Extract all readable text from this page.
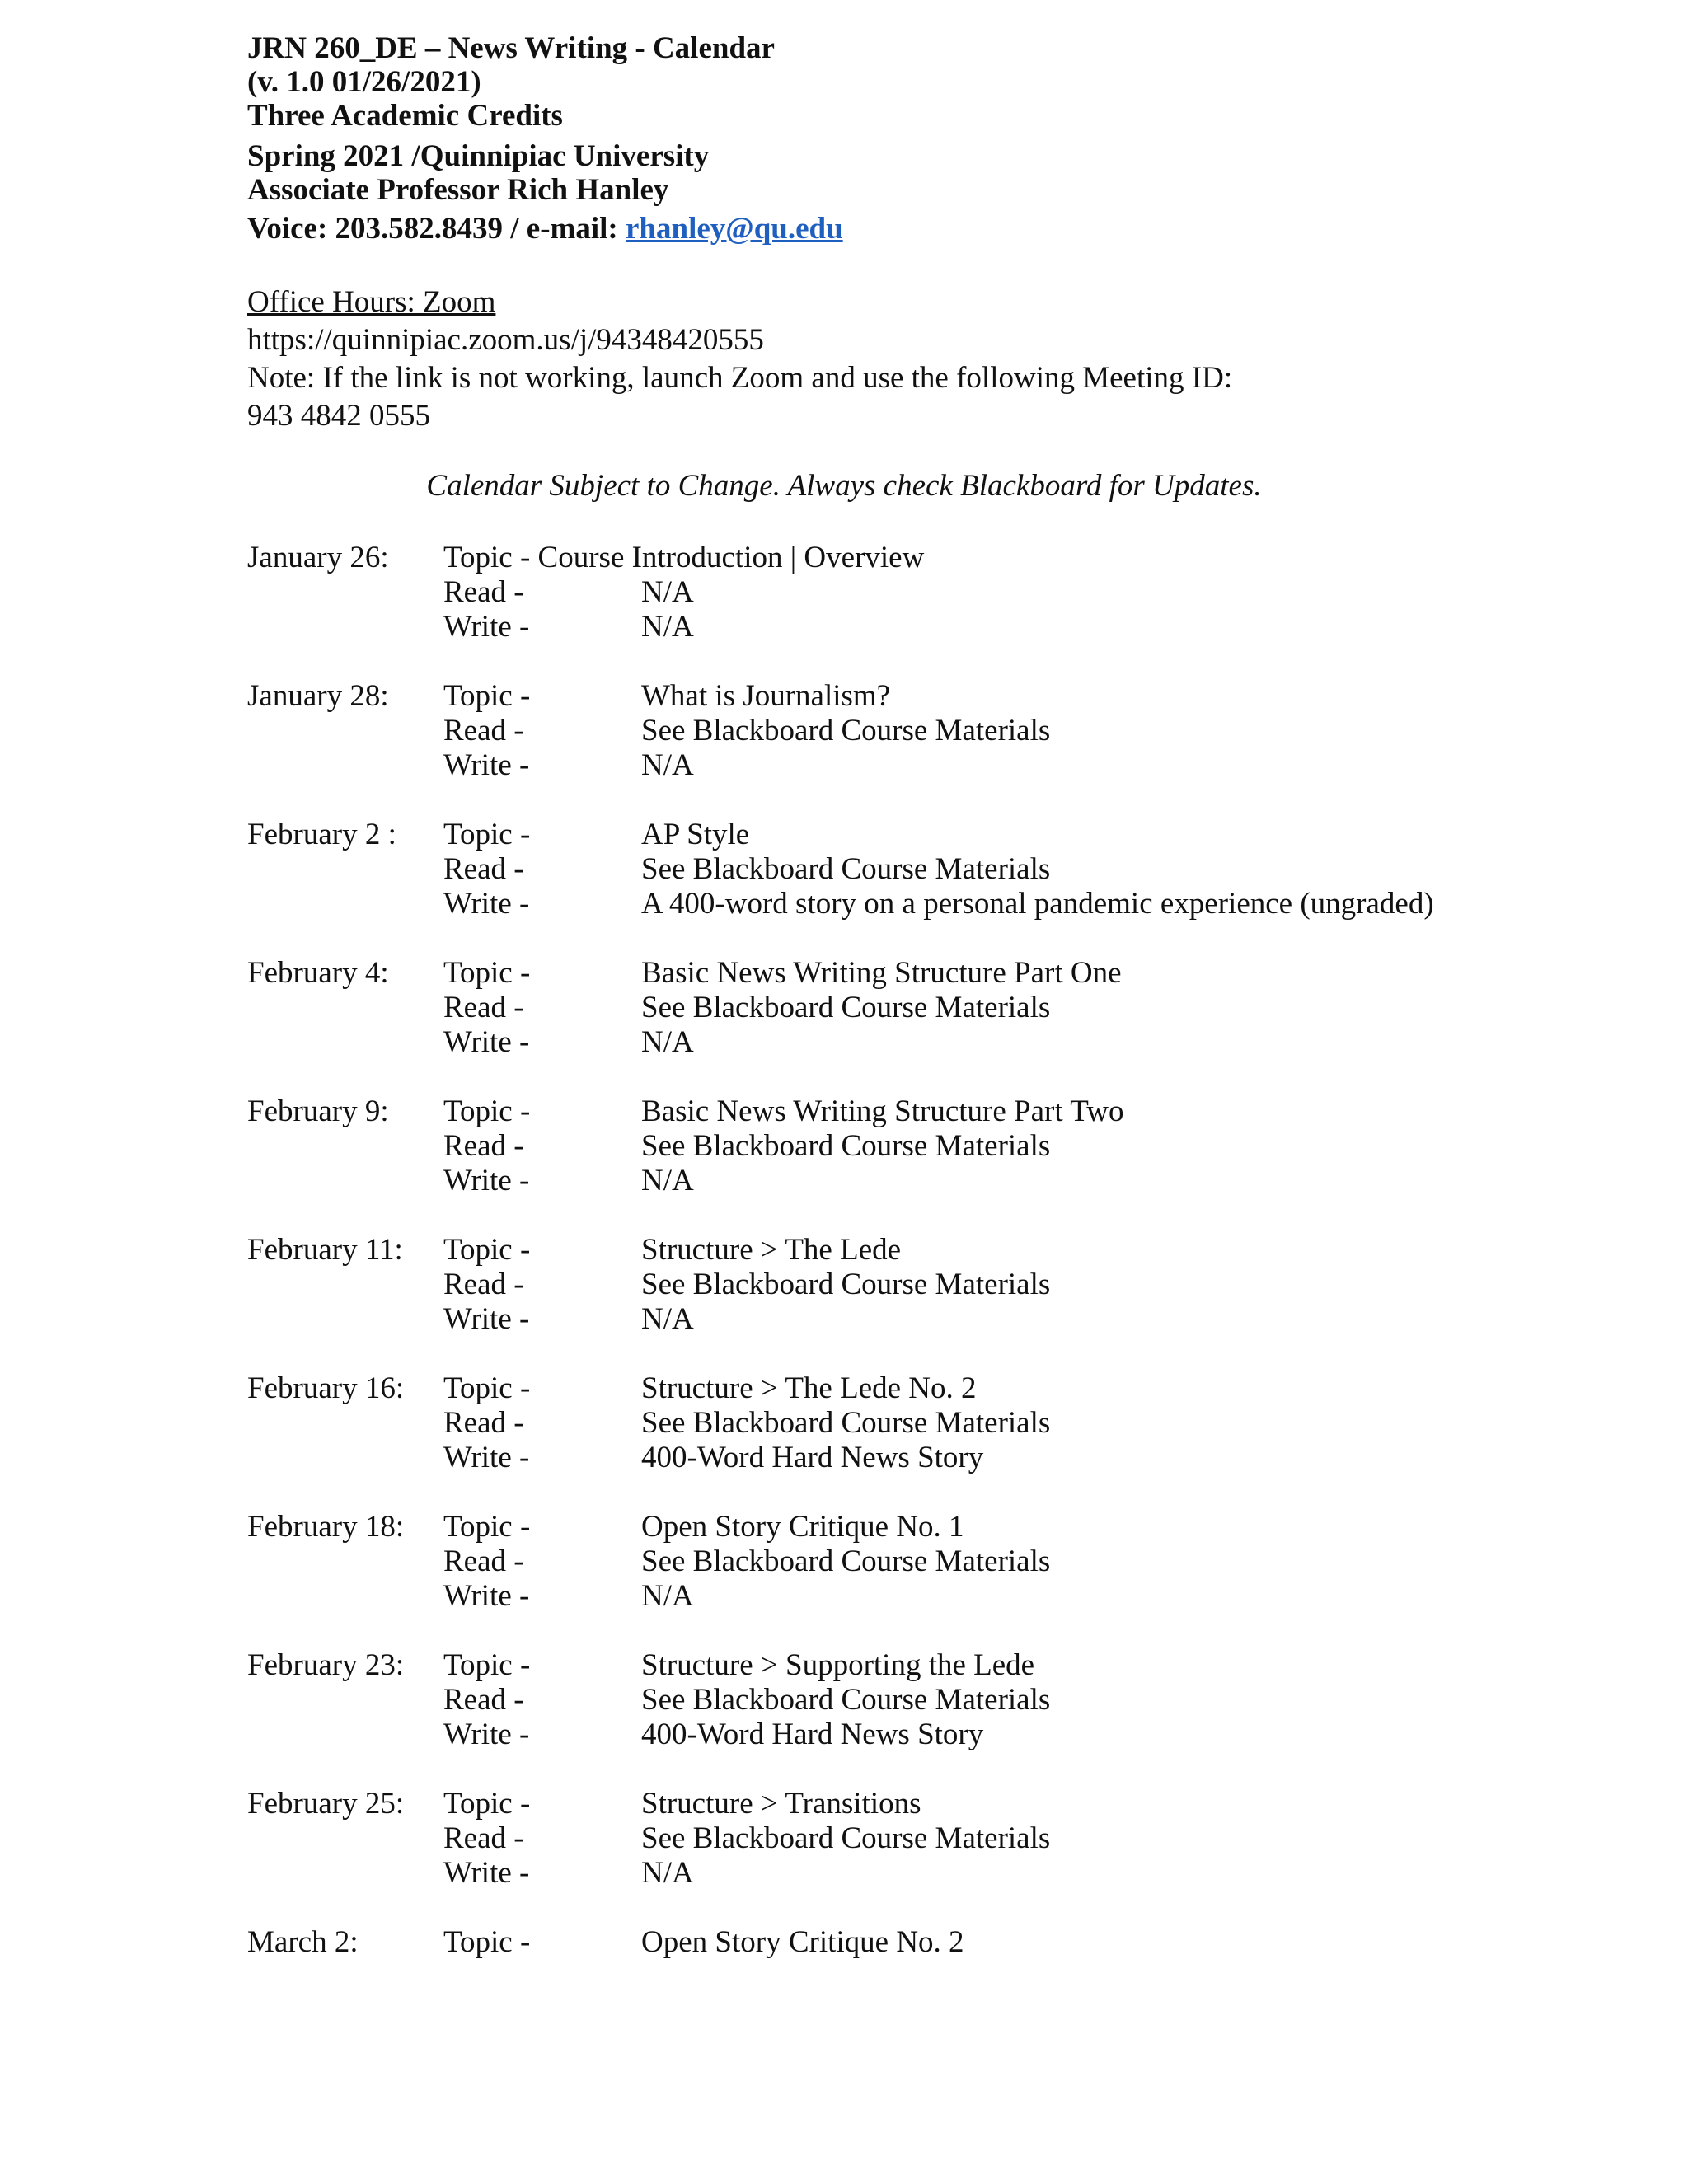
JRN 260_DE – News Writing - Calendar
(v. 1.0 01/26/2021)
Three Academic Credits
Spring 2021 /Quinnipiac University
Associate Professor Rich Hanley
Voice: 203.582.8439 / e-mail: rhanley@qu.edu
Office Hours: Zoom
https://quinnipiac.zoom.us/j/94348420555
Note: If the link is not working, launch Zoom and use the following Meeting ID:
943 4842 0555
Calendar Subject to Change. Always check Blackboard for Updates.
January 26: Topic - Course Introduction | Overview
Read -	N/A
Write -	N/A
January 28: Topic -	What is Journalism?
Read -	See Blackboard Course Materials
Write -	N/A
February 2 : Topic -	AP Style
Read -	See Blackboard Course Materials
Write -	A 400-word story on a personal pandemic experience (ungraded)
February 4: Topic -	Basic News Writing Structure Part One
Read -	See Blackboard Course Materials
Write -	N/A
February 9: Topic -	Basic News Writing Structure Part Two
Read -	See Blackboard Course Materials
Write -	N/A
February 11: Topic -	Structure > The Lede
Read -	See Blackboard Course Materials
Write -	N/A
February 16: Topic -	Structure > The Lede No. 2
Read -	See Blackboard Course Materials
Write -	400-Word Hard News Story
February 18: Topic -	Open Story Critique No. 1
Read -	See Blackboard Course Materials
Write -	N/A
February 23: Topic -	Structure > Supporting the Lede
Read -	See Blackboard Course Materials
Write -	400-Word Hard News Story
February 25: Topic -	Structure > Transitions
Read -	See Blackboard Course Materials
Write -	N/A
March 2:	Topic -	Open Story Critique No. 2
